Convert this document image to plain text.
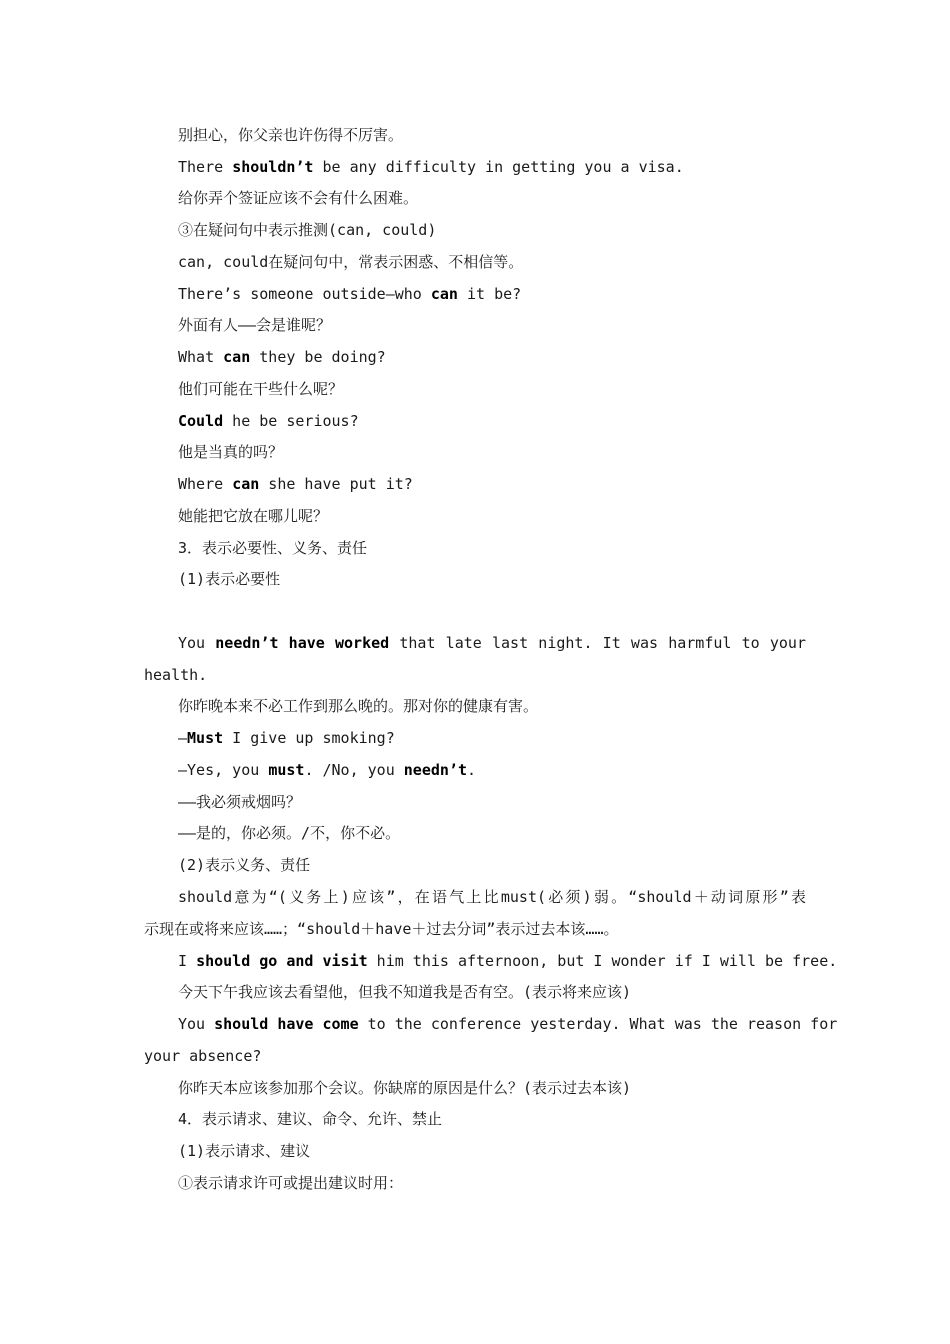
别担心，你父亲也许伤得不厉害。
There shouldn’t be any difficulty in getting you a visa.
给你弄个签证应该不会有什么困难。
③在疑问句中表示推测(can, could)
can, could在疑问句中，常表示困惑、不相信等。
There’s someone outside—who can it be?
外面有人——会是谁呢？
What can they be doing?
他们可能在干些什么呢？
Could he be serious?
他是当真的吗？
Where can she have put it?
她能把它放在哪儿呢？
3．表示必要性、义务、责任
(1)表示必要性
You needn’t have worked that late last night. It was harmful to your
health.
你昨晚本来不必工作到那么晚的。那对你的健康有害。
—Must I give up smoking?
—Yes, you must. /No, you needn’t.
——我必须戒烟吗？
——是的，你必须。/不，你不必。
(2)表示义务、责任
should意为“(义务上)应该”，在语气上比must(必须)弱。“should＋动词原形”表
示现在或将来应该……；“should＋have＋过去分词”表示过去本该……。
I should go and visit him this afternoon, but I wonder if I will be free.
今天下午我应该去看望他，但我不知道我是否有空。(表示将来应该)
You should have come to the conference yesterday. What was the reason for
your absence?
你昨天本应该参加那个会议。你缺席的原因是什么？(表示过去本该)
4．表示请求、建议、命令、允许、禁止
(1)表示请求、建议
①表示请求许可或提出建议时用：
